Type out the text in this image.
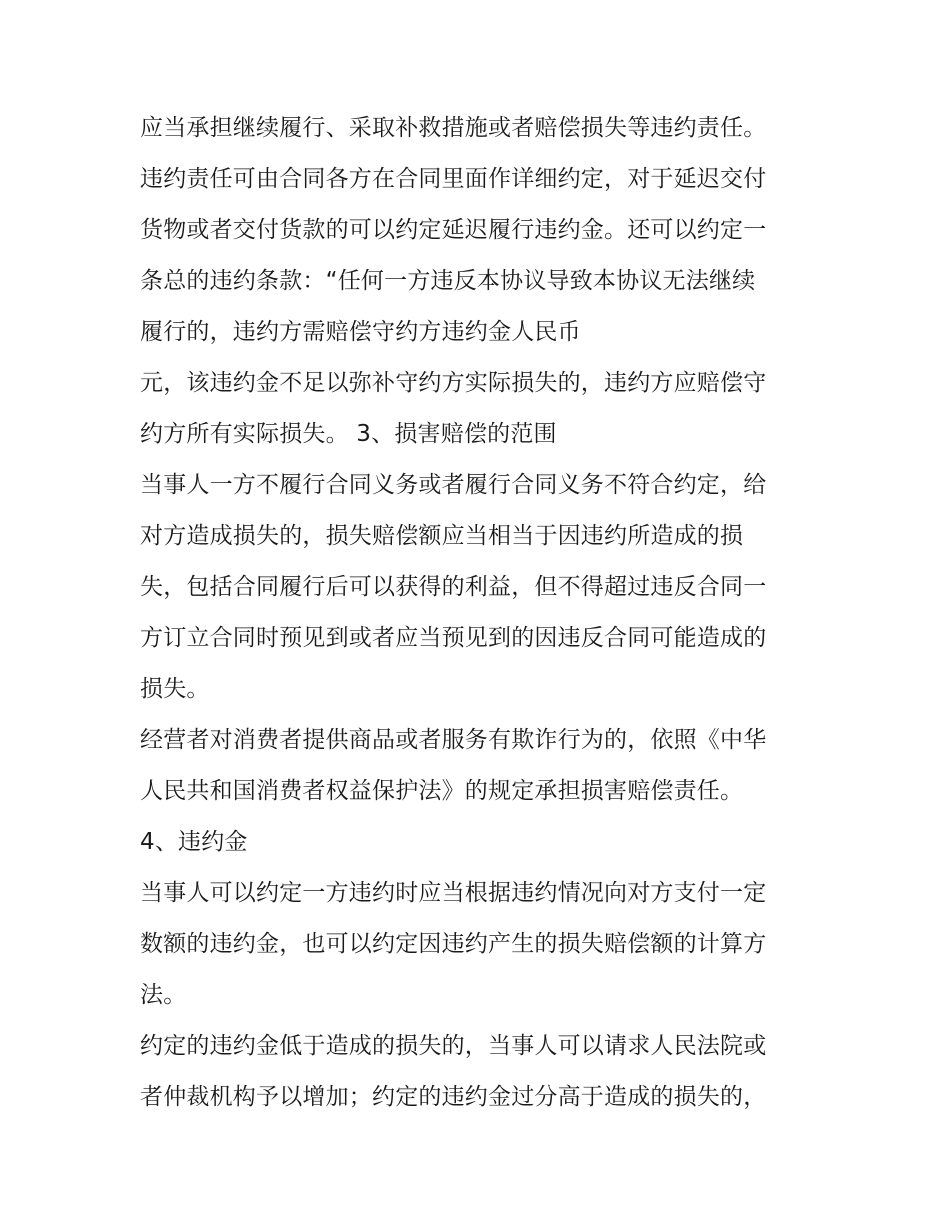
应当承担继续履行、采取补救措施或者赔偿损失等违约责任。
违约责任可由合同各方在合同里面作详细约定，对于延迟交付
货物或者交付货款的可以约定延迟履行违约金。还可以约定一
条总的违约条款：“任何一方违反本协议导致本协议无法继续
履行的，违约方需赔偿守约方违约金人民币
元，该违约金不足以弥补守约方实际损失的，违约方应赔偿守
约方所有实际损失。 3、损害赔偿的范围
当事人一方不履行合同义务或者履行合同义务不符合约定，给
对方造成损失的，损失赔偿额应当相当于因违约所造成的损
失，包括合同履行后可以获得的利益，但不得超过违反合同一
方订立合同时预见到或者应当预见到的因违反合同可能造成的
损失。
经营者对消费者提供商品或者服务有欺诈行为的，依照《中华
人民共和国消费者权益保护法》的规定承担损害赔偿责任。
4、违约金
当事人可以约定一方违约时应当根据违约情况向对方支付一定
数额的违约金，也可以约定因违约产生的损失赔偿额的计算方
法。
约定的违约金低于造成的损失的，当事人可以请求人民法院或
者仲裁机构予以增加；约定的违约金过分高于造成的损失的，
